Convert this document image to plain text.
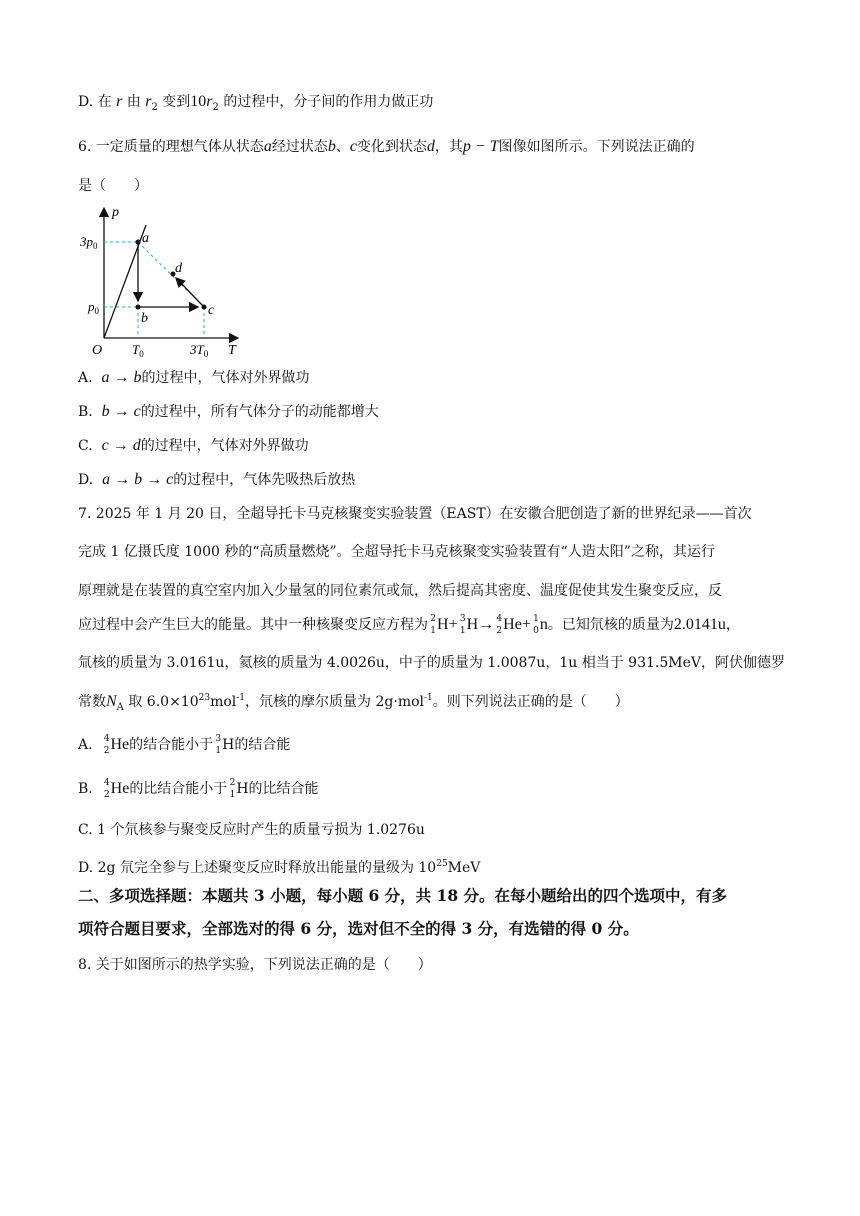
D. 在 r 由 $r_2$ 变到$10r_2$ 的过程中，分子间的作用力做正功
6. 一定质量的理想气体从状态a经过状态b、c变化到状态d，其p − T图像如图所示。下列说法正确的
是（　　）
p
T
O
$3p_0$
$p_0$
$T_0$	$3T_0$
a
b
c
d
A. a → b的过程中，气体对外界做功
B. b → c的过程中，所有气体分子的动能都增大
C. c → d的过程中，气体对外界做功
D. a → b → c的过程中，气体先吸热后放热
7. 2025 年 1 月 20 日，全超导托卡马克核聚变实验装置（EAST）在安徽合肥创造了新的世界纪录——首次
完成 1 亿摄氏度 1000 秒的“高质量燃烧”。全超导托卡马克核聚变实验装置有“人造太阳”之称，其运行
原理就是在装置的真空室内加入少量氢的同位素氘或氚，然后提高其密度、温度促使其发生聚变反应，反
应过程中会产生巨大的能量。其中一种核聚变反应方程为 2
1 H+ 3
1 H→ 4
2 He+ 1
0 n。已知氘核的质量为2.0141u，
氚核的质量为 3.0161u，氦核的质量为 4.0026u，中子的质量为 1.0087u，1u 相当于 931.5MeV，阿伏伽德罗
常数$N_A$ 取 $6.0\times 10^{23}mol^{-1}$，氘核的摩尔质量为 2g·mol$^{-1}$。则下列说法正确的是（　　）
A. 4
2 He的结合能小于 3
1 H的结合能
B. 4
2 He的比结合能小于 2
1 H的比结合能
C. 1 个氘核参与聚变反应时产生的质量亏损为 1.0276u
D. 2g 氘完全参与上述聚变反应时释放出能量的量级为 $10^{25}MeV$
二、多项选择题：本题共 3 小题，每小题 6 分，共 18 分。在每小题给出的四个选项中，有多
项符合题目要求，全部选对的得 6 分，选对但不全的得 3 分，有选错的得 0 分。
8. 关于如图所示的热学实验，下列说法正确的是（　　）
